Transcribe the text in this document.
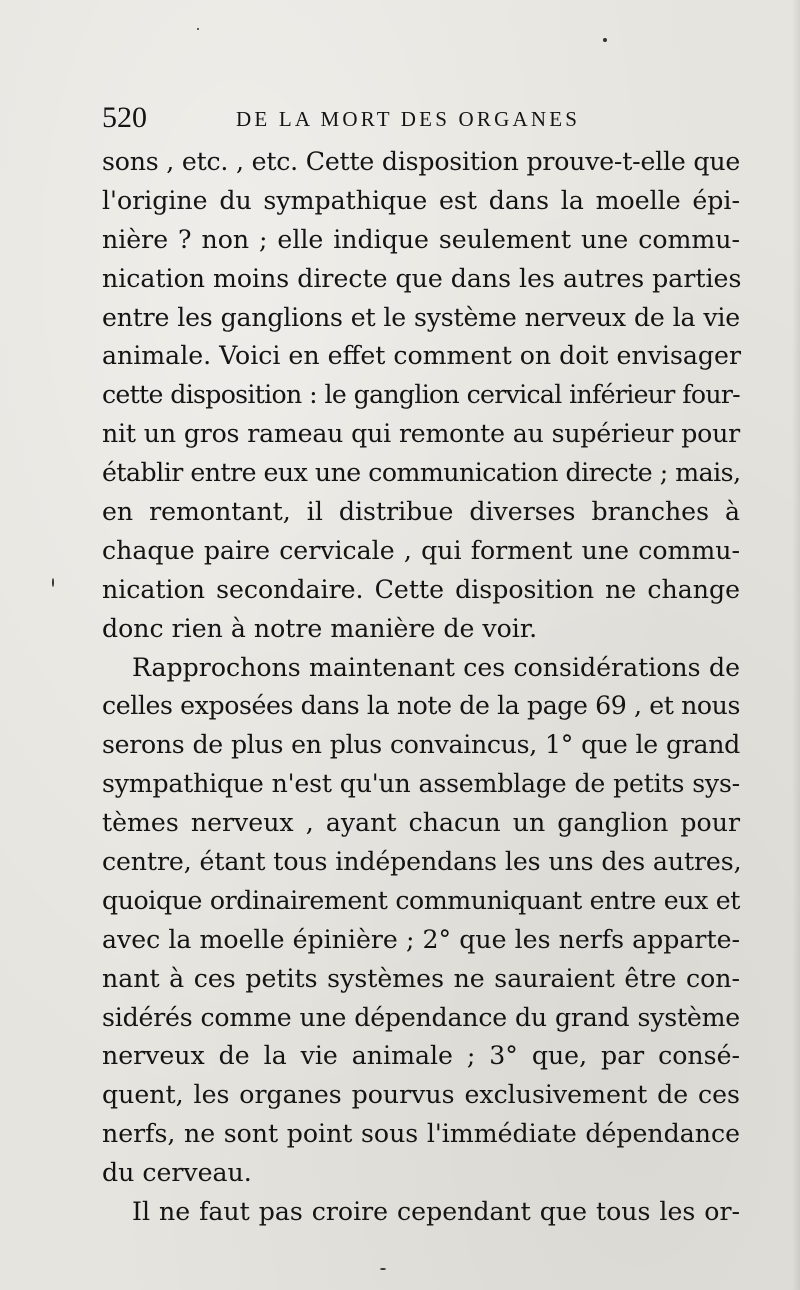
520	DE LA MORT DES ORGANES
sons , etc. , etc. Cette disposition prouve-t-elle que
l'origine du sympathique est dans la moelle épi-
nière ? non ; elle indique seulement une commu-
nication moins directe que dans les autres parties
entre les ganglions et le système nerveux de la vie
animale. Voici en effet comment on doit envisager
cette disposition : le ganglion cervical inférieur four-
nit un gros rameau qui remonte au supérieur pour
établir entre eux une communication directe ; mais,
en remontant, il distribue diverses branches à
chaque paire cervicale , qui forment une commu-
nication secondaire. Cette disposition ne change
donc rien à notre manière de voir.
Rapprochons maintenant ces considérations de
celles exposées dans la note de la page 69 , et nous
serons de plus en plus convaincus, 1° que le grand
sympathique n'est qu'un assemblage de petits sys-
tèmes nerveux , ayant chacun un ganglion pour
centre, étant tous indépendans les uns des autres,
quoique ordinairement communiquant entre eux et
avec la moelle épinière ; 2° que les nerfs apparte-
nant à ces petits systèmes ne sauraient être con-
sidérés comme une dépendance du grand système
nerveux de la vie animale ; 3° que, par consé-
quent, les organes pourvus exclusivement de ces
nerfs, ne sont point sous l'immédiate dépendance
du cerveau.
Il ne faut pas croire cependant que tous les or-
